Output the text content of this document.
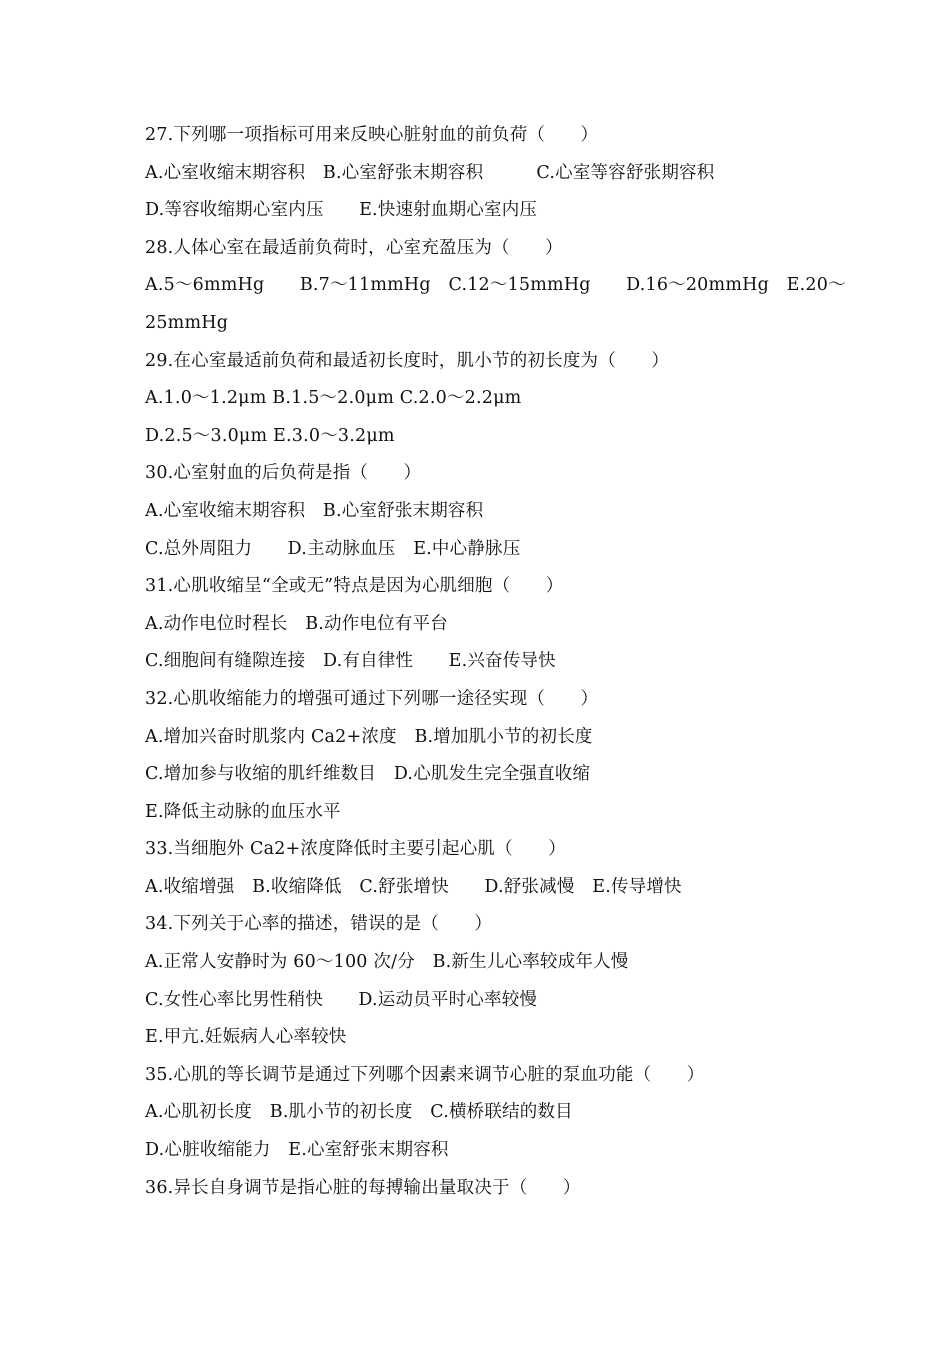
27.下列哪一项指标可用来反映心脏射血的前负荷（　　）
A.心室收缩末期容积　B.心室舒张末期容积　　　C.心室等容舒张期容积
D.等容收缩期心室内压　　E.快速射血期心室内压
28.人体心室在最适前负荷时，心室充盈压为（　　）
A.5～6mmHg　　B.7～11mmHg　C.12～15mmHg　　D.16～20mmHg　E.20～
25mmHg
29.在心室最适前负荷和最适初长度时，肌小节的初长度为（　　）
A.1.0～1.2μm B.1.5～2.0μm C.2.0～2.2μm
D.2.5～3.0μm E.3.0～3.2μm
30.心室射血的后负荷是指（　　）
A.心室收缩末期容积　B.心室舒张末期容积
C.总外周阻力　　D.主动脉血压　E.中心静脉压
31.心肌收缩呈“全或无”特点是因为心肌细胞（　　）
A.动作电位时程长　B.动作电位有平台
C.细胞间有缝隙连接　D.有自律性　　E.兴奋传导快
32.心肌收缩能力的增强可通过下列哪一途径实现（　　）
A.增加兴奋时肌浆内 Ca2+浓度　B.增加肌小节的初长度
C.增加参与收缩的肌纤维数目　D.心肌发生完全强直收缩
E.降低主动脉的血压水平
33.当细胞外 Ca2+浓度降低时主要引起心肌（　　）
A.收缩增强　B.收缩降低　C.舒张增快　　D.舒张减慢　E.传导增快
34.下列关于心率的描述，错误的是（　　）
A.正常人安静时为 60～100 次/分　B.新生儿心率较成年人慢
C.女性心率比男性稍快　　D.运动员平时心率较慢
E.甲亢.妊娠病人心率较快
35.心肌的等长调节是通过下列哪个因素来调节心脏的泵血功能（　　）
A.心肌初长度　B.肌小节的初长度　C.横桥联结的数目
D.心脏收缩能力　E.心室舒张末期容积
36.异长自身调节是指心脏的每搏输出量取决于（　　）
